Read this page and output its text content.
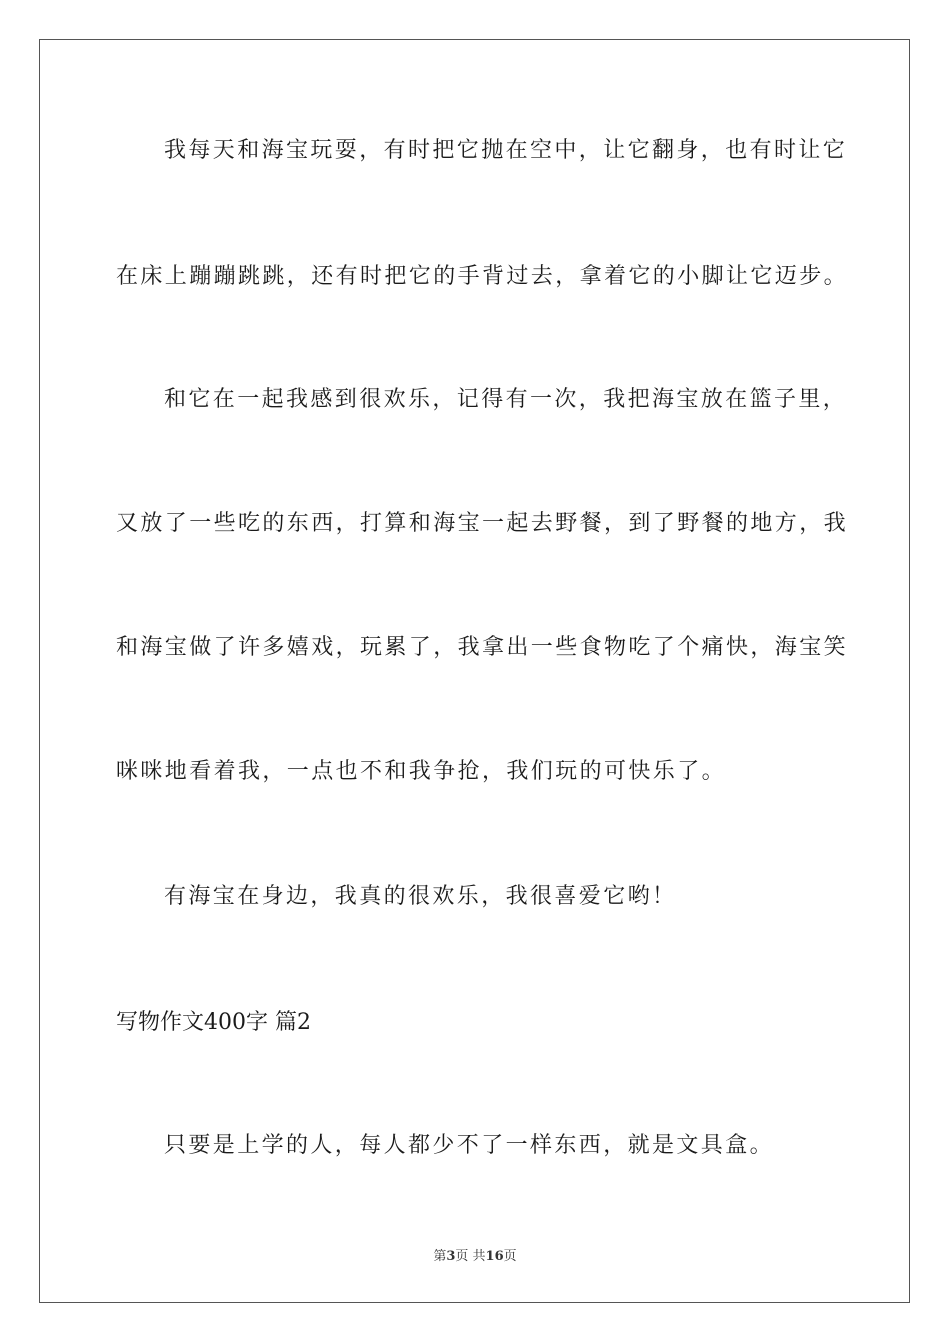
我每天和海宝玩耍，有时把它抛在空中，让它翻身，也有时让它
在床上蹦蹦跳跳，还有时把它的手背过去，拿着它的小脚让它迈步。
和它在一起我感到很欢乐，记得有一次，我把海宝放在篮子里，
又放了一些吃的东西，打算和海宝一起去野餐，到了野餐的地方，我
和海宝做了许多嬉戏，玩累了，我拿出一些食物吃了个痛快，海宝笑
咪咪地看着我，一点也不和我争抢，我们玩的可快乐了。
有海宝在身边，我真的很欢乐，我很喜爱它哟！
写物作文400字 篇2
只要是上学的人，每人都少不了一样东西，就是文具盒。
第3页 共16页
